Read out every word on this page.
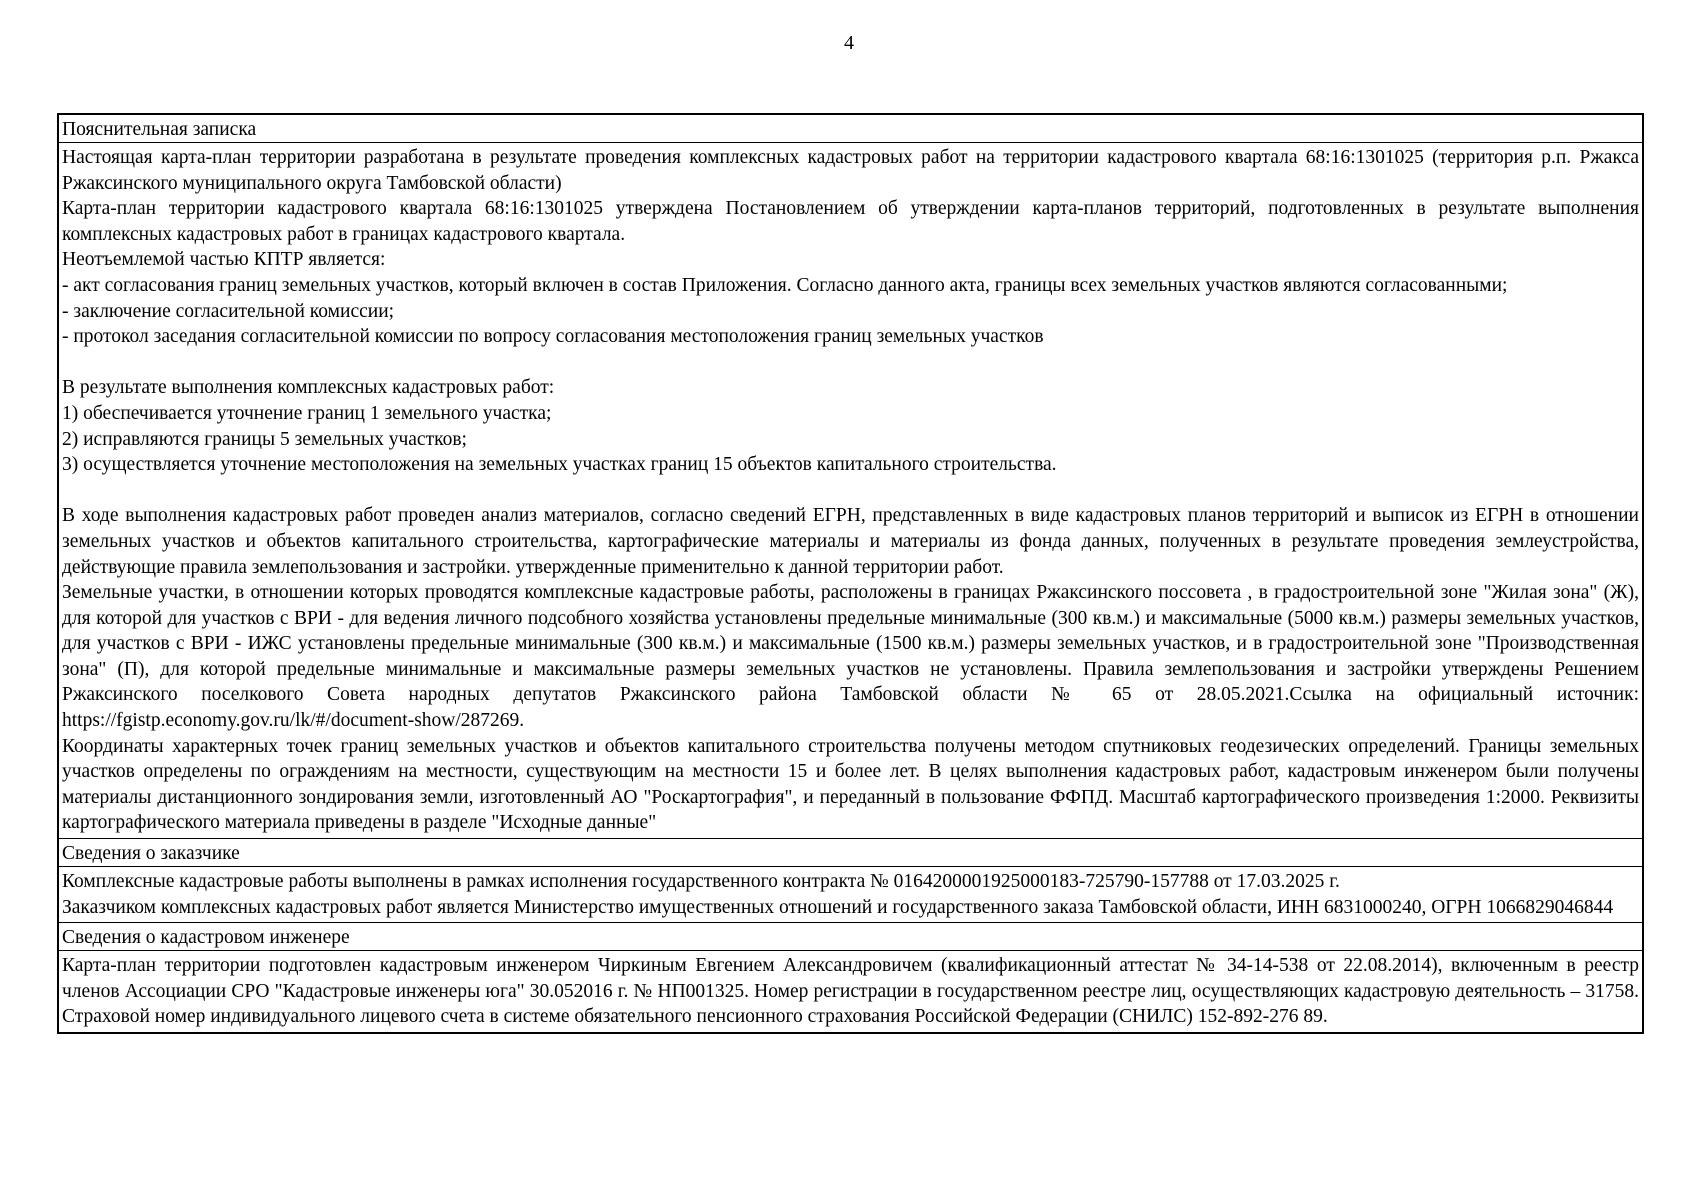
4
Пояснительная записка

Настоящая карта-план территории разработана в результате проведения комплексных кадастровых работ на территории кадастрового квартала 68:16:1301025 (территория р.п. Ржакса Ржаксинского муниципального округа Тамбовской области)

Карта-план территории кадастрового квартала 68:16:1301025 утверждена Постановлением об утверждении карта-планов территорий, подготовленных в результате выполнения комплексных кадастровых работ в границах кадастрового квартала.

Неотъемлемой частью КПТР является:

- акт согласования границ земельных участков, который включен в состав Приложения. Согласно данного акта, границы всех земельных участков являются согласованными;

- заключение согласительной комиссии;

- протокол заседания согласительной комиссии по вопросу согласования местоположения границ земельных участков

В результате выполнения комплексных кадастровых работ:

1) обеспечивается уточнение границ 1 земельного участка;

2) исправляются границы 5 земельных участков;

3) осуществляется уточнение местоположения на земельных участках границ 15 объектов капитального строительства.

В ходе выполнения кадастровых работ проведен анализ материалов, согласно сведений ЕГРН, представленных в виде кадастровых планов территорий и выписок из ЕГРН в отношении земельных участков и объектов капитального строительства, картографические материалы и материалы из фонда данных, полученных в результате проведения землеустройства, действующие правила землепользования и застройки. утвержденные применительно к данной территории работ.

Земельные участки, в отношении которых проводятся комплексные кадастровые работы, расположены в границах Ржаксинского поссовета , в градостроительной зоне "Жилая зона" (Ж), для которой для участков с ВРИ - для ведения личного подсобного хозяйства установлены предельные минимальные (300 кв.м.) и максимальные (5000 кв.м.) размеры земельных участков, для участков с ВРИ - ИЖС установлены предельные минимальные (300 кв.м.) и максимальные (1500 кв.м.) размеры земельных участков, и в градостроительной зоне "Производственная зона" (П), для которой предельные минимальные и максимальные размеры земельных участков не установлены. Правила землепользования и застройки утверждены Решением Ржаксинского поселкового Совета народных депутатов Ржаксинского района Тамбовской области № 65 от 28.05.2021.Ссылка на официальный источник: https://fgistp.economy.gov.ru/lk/#/document-show/287269.

Координаты характерных точек границ земельных участков и объектов капитального строительства получены методом спутниковых геодезических определений. Границы земельных участков определены по ограждениям на местности, существующим на местности 15 и более лет. В целях выполнения кадастровых работ, кадастровым инженером были получены материалы дистанционного зондирования земли, изготовленный АО "Роскартография", и переданный в пользование ФФПД. Масштаб картографического произведения 1:2000. Реквизиты картографического материала приведены в разделе "Исходные данные"

Сведения о заказчике

Комплексные кадастровые работы выполнены в рамках исполнения государственного контракта № 0164200001925000183-725790-157788 от 17.03.2025 г.

Заказчиком комплексных кадастровых работ является Министерство имущественных отношений и государственного заказа Тамбовской области, ИНН 6831000240, ОГРН 1066829046844

Сведения о кадастровом инженере

Карта-план территории подготовлен кадастровым инженером Чиркиным Евгением Александровичем (квалификационный аттестат № 34-14-538 от 22.08.2014), включенным в реестр членов Ассоциации СРО "Кадастровые инженеры юга" 30.052016 г. № НП001325. Номер регистрации в государственном реестре лиц, осуществляющих кадастровую деятельность – 31758. Страховой номер индивидуального лицевого счета в системе обязательного пенсионного страхования Российской Федерации (СНИЛС) 152-892-276 89.
